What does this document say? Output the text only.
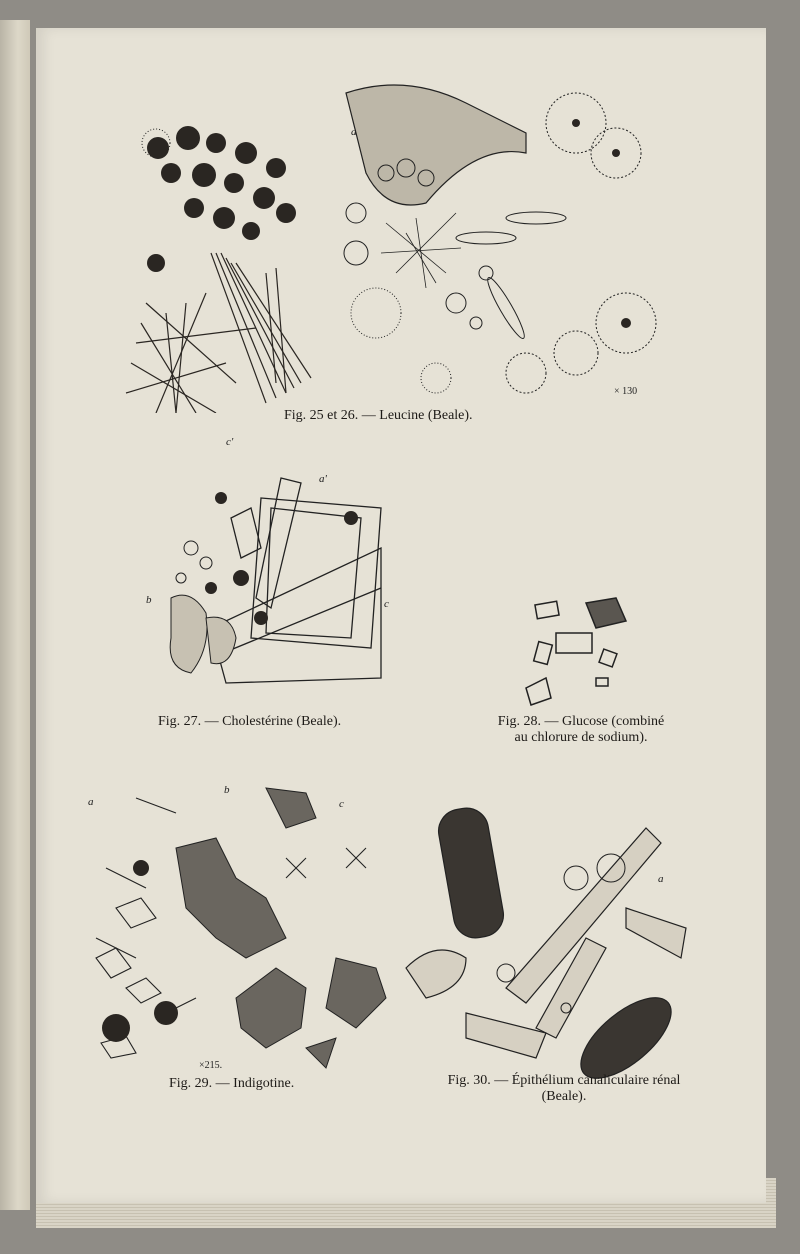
a
× 130
Fig. 25 et 26. — Leucine (Beale).
c'
a'
b	c
Fig. 27. — Cholestérine (Beale).	Fig. 28. — Glucose (combiné
au chlorure de sodium).
a
b
c
×215.
Fig. 29. — Indigotine.
a
Fig. 30. — Épithélium canaliculaire rénal
(Beale).
